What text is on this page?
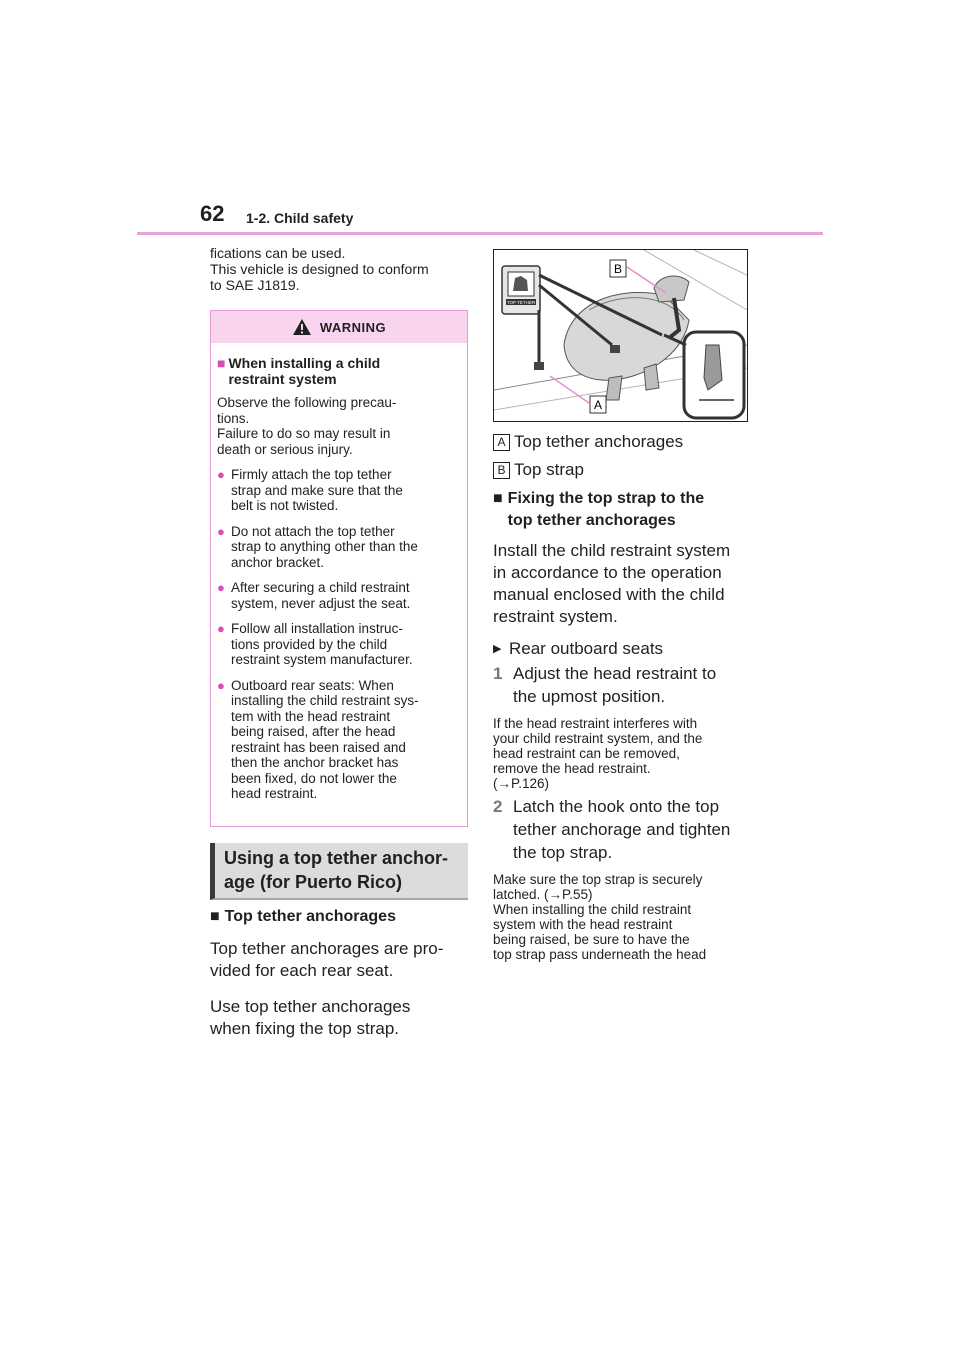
62 1-2. Child safety
fications can be used.
This vehicle is designed to conform
to SAE J1819.
WARNING
■ When installing a child
restraint system
Observe the following precau-
tions.
Failure to do so may result in
death or serious injury.
● Firmly attach the top tether
strap and make sure that the
belt is not twisted.
● Do not attach the top tether
strap to anything other than the
anchor bracket.
● After securing a child restraint
system, never adjust the seat.
● Follow all installation instruc-
tions provided by the child
restraint system manufacturer.
● Outboard rear seats: When
installing the child restraint sys-
tem with the head restraint
being raised, after the head
restraint has been raised and
then the anchor bracket has
been fixed, do not lower the
head restraint.
Using a top tether anchor-
age (for Puerto Rico)
■ Top tether anchorages
Top tether anchorages are pro-
vided for each rear seat.
Use top tether anchorages
when fixing the top strap.
TOP TETHER
A
B
A Top tether anchorages
B Top strap
■ Fixing the top strap to the
top tether anchorages
Install the child restraint system
in accordance to the operation
manual enclosed with the child
restraint system.
▶ Rear outboard seats
1 Adjust the head restraint to
the upmost position.
If the head restraint interferes with
your child restraint system, and the
head restraint can be removed,
remove the head restraint.
(→P.126)
2 Latch the hook onto the top
tether anchorage and tighten
the top strap.
Make sure the top strap is securely
latched. (→P.55)
When installing the child restraint
system with the head restraint
being raised, be sure to have the
top strap pass underneath the head
